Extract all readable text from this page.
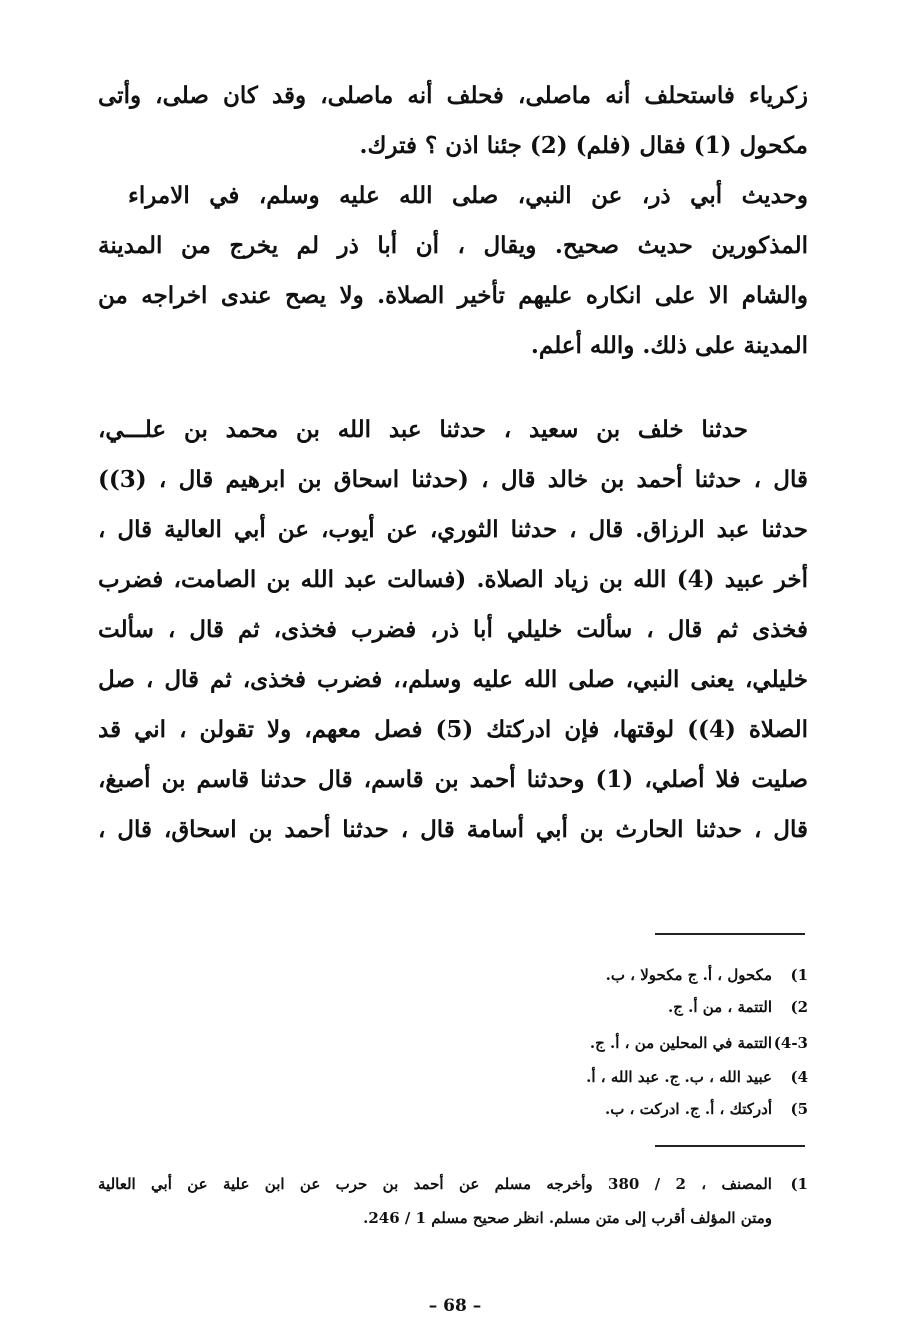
زكرياء فاستحلف أنه ماصلى، فحلف أنه ماصلى، وقد كان صلى، وأتى
مكحول (1) فقال (فلم) (2) جئنا اذن ؟ فترك.
وحديث أبي ذر، عن النبي، صلى الله عليه وسلم، في الامراء
المذكورين حديث صحيح. ويقال ، أن أبا ذر لم يخرج من المدينة
والشام الا على انكاره عليهم تأخير الصلاة. ولا يصح عندى اخراجه من
المدينة على ذلك. والله أعلم.
حدثنا خلف بن سعيد ، حدثنا عبد الله بن محمد بن علـــي،
قال ، حدثنا أحمد بن خالد قال ، (حدثنا اسحاق بن ابرهيم قال ، (3))
حدثنا عبد الرزاق. قال ، حدثنا الثوري، عن أيوب، عن أبي العالية قال ،
أخر عبيد (4) الله بن زياد الصلاة. (فسالت عبد الله بن الصامت، فضرب
فخذى ثم قال ، سألت خليلي أبا ذر، فضرب فخذى، ثم قال ، سألت
خليلي، يعنى النبي، صلى الله عليه وسلم،، فضرب فخذى، ثم قال ، صل
الصلاة (4)) لوقتها، فإن ادركتك (5) فصل معهم، ولا تقولن ، اني قد
صليت فلا أصلي، (1) وحدثنا أحمد بن قاسم، قال حدثنا قاسم بن أصبغ،
قال ، حدثنا الحارث بن أبي أسامة قال ، حدثنا أحمد بن اسحاق، قال ،
1)مكحول ، أ. ج مكحولا ، ب.
2)التتمة ، من أ. ج.
4-3)التتمة في المحلين من ، أ. ج.
4)عبيد الله ، ب. ج. عبد الله ، أ.
5)أدركتك ، أ. ج. ادركت ، ب.
1)المصنف ، 2 / 380 وأخرجه مسلم عن أحمد بن حرب عن ابن علية عن أبي العالية
ومتن المؤلف أقرب إلى متن مسلم. انظر صحيح مسلم 1 / 246.
– 68 –
